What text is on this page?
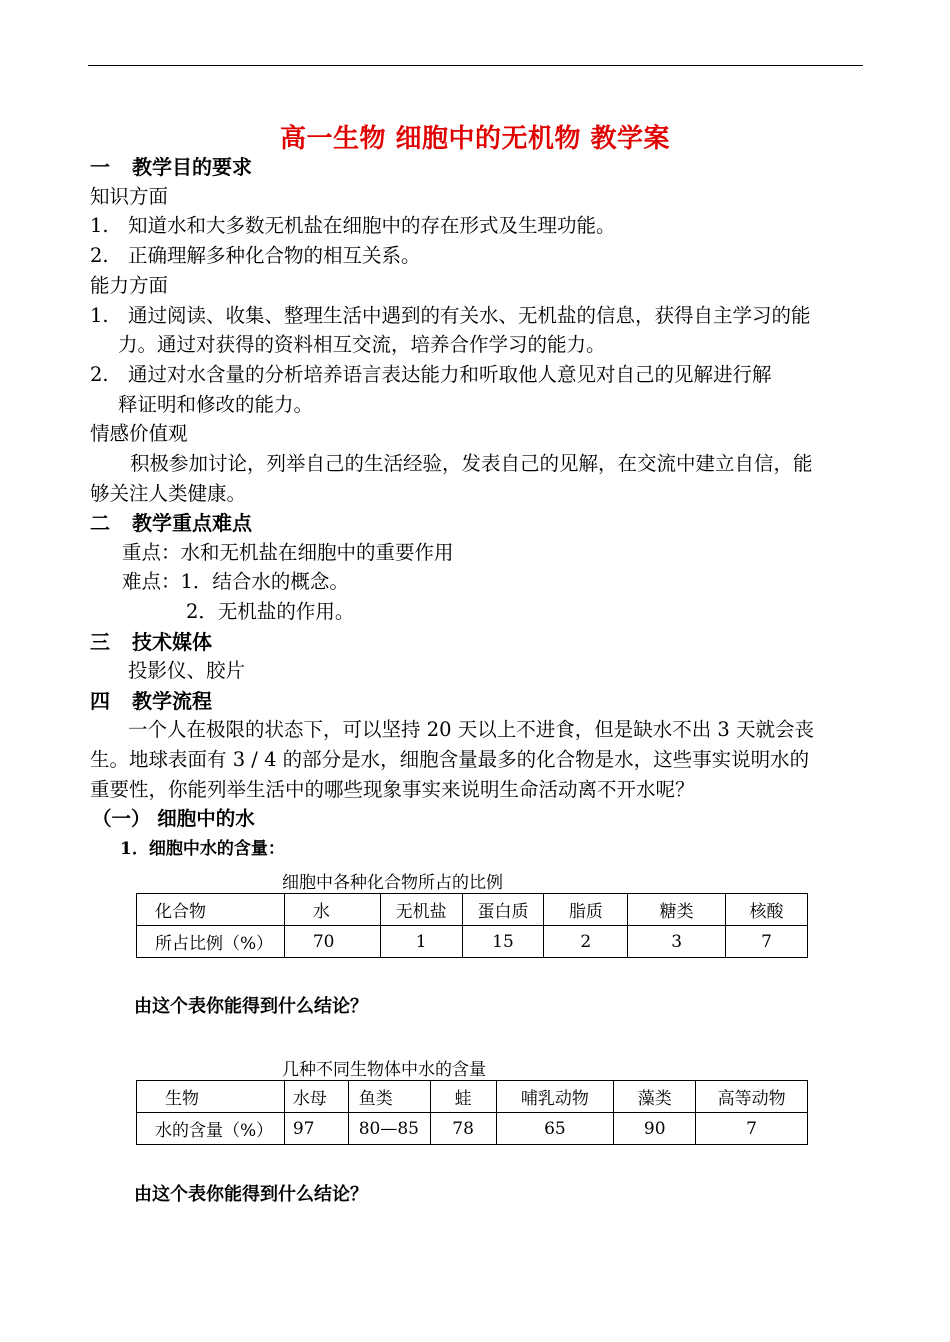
高一生物 细胞中的无机物 教学案
一 教学目的要求
知识方面
1. 知道水和大多数无机盐在细胞中的存在形式及生理功能。
2. 正确理解多种化合物的相互关系。
能力方面
1. 通过阅读、收集、整理生活中遇到的有关水、无机盐的信息，获得自主学习的能
力。通过对获得的资料相互交流，培养合作学习的能力。
2. 通过对水含量的分析培养语言表达能力和听取他人意见对自己的见解进行解
释证明和修改的能力。
情感价值观
积极参加讨论，列举自己的生活经验，发表自己的见解，在交流中建立自信，能
够关注人类健康。
二 教学重点难点
重点：水和无机盐在细胞中的重要作用
难点：1．结合水的概念。
2．无机盐的作用。
三 技术媒体
投影仪、胶片
四 教学流程
一个人在极限的状态下，可以坚持 20 天以上不进食，但是缺水不出 3 天就会丧
生。地球表面有 3 / 4 的部分是水，细胞含量最多的化合物是水，这些事实说明水的
重要性，你能列举生活中的哪些现象事实来说明生命活动离不开水呢？
（一） 细胞中的水
1．细胞中水的含量：
细胞中各种化合物所占的比例
化合物	水	无机盐	蛋白质	脂质	糖类	核酸
所占比例（%）	70	1	15	2	3	7
由这个表你能得到什么结论？
几种不同生物体中水的含量
生物	水母	鱼类	蛙	哺乳动物	藻类	高等动物
水的含量（%）	97	80—85	78	65	90	7
由这个表你能得到什么结论？
